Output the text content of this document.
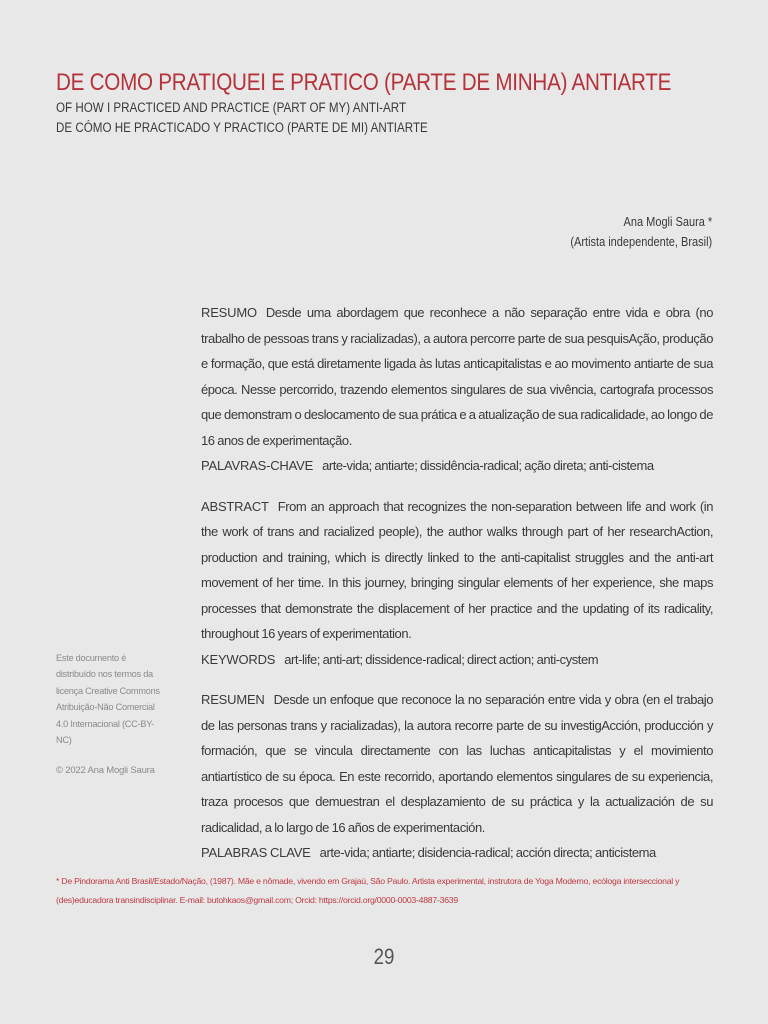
DE COMO PRATIQUEI E PRATICO (PARTE DE MINHA) ANTIARTE
OF HOW I PRACTICED AND PRACTICE (PART OF MY) ANTI-ART
DE CÓMO HE PRACTICADO Y PRACTICO (PARTE DE MI) ANTIARTE
Ana Mogli Saura *
(Artista independente, Brasil)
RESUMO Desde uma abordagem que reconhece a não separação entre vida e obra (no trabalho de pessoas trans y racializadas), a autora percorre parte de sua pesquisAção, produção e formação, que está diretamente ligada às lutas anticapitalistas e ao movimento antiarte de sua época. Nesse percorrido, trazendo elementos singulares de sua vivência, cartografa processos que demonstram o deslocamento de sua prática e a atualização de sua radicalidade, ao longo de 16 anos de experimentação.
PALAVRAS-CHAVE arte-vida; antiarte; dissidência-radical; ação direta; anti-cistema
ABSTRACT From an approach that recognizes the non-separation between life and work (in the work of trans and racialized people), the author walks through part of her researchAction, production and training, which is directly linked to the anti-capitalist struggles and the anti-art movement of her time. In this journey, bringing singular elements of her experience, she maps processes that demonstrate the displacement of her practice and the updating of its radicality, throughout 16 years of experimentation.
KEYWORDS art-life; anti-art; dissidence-radical; direct action; anti-cystem
RESUMEN Desde un enfoque que reconoce la no separación entre vida y obra (en el trabajo de las personas trans y racializadas), la autora recorre parte de su investigAcción, producción y formación, que se vincula directamente con las luchas anticapitalistas y el movimiento antiartístico de su época. En este recorrido, aportando elementos singulares de su experiencia, traza procesos que demuestran el desplazamiento de su práctica y la actualización de su radicalidad, a lo largo de 16 años de experimentación.
PALABRAS CLAVE arte-vida; antiarte; disidencia-radical; acción directa; anticistema
Este documento é distribuído nos termos da licença Creative Commons Atribuição-Não Comercial 4.0 Internacional (CC-BY-NC)
© 2022 Ana Mogli Saura
* De Pindorama Anti Brasil/Estado/Nação, (1987). Mãe e nômade, vivendo em Grajaú, São Paulo. Artista experimental, instrutora de Yoga Moderno, ecóloga interseccional y (des)educadora transindisciplinar. E-mail: butohkaos@gmail.com; Orcid: https://orcid.org/0000-0003-4887-3639
29
